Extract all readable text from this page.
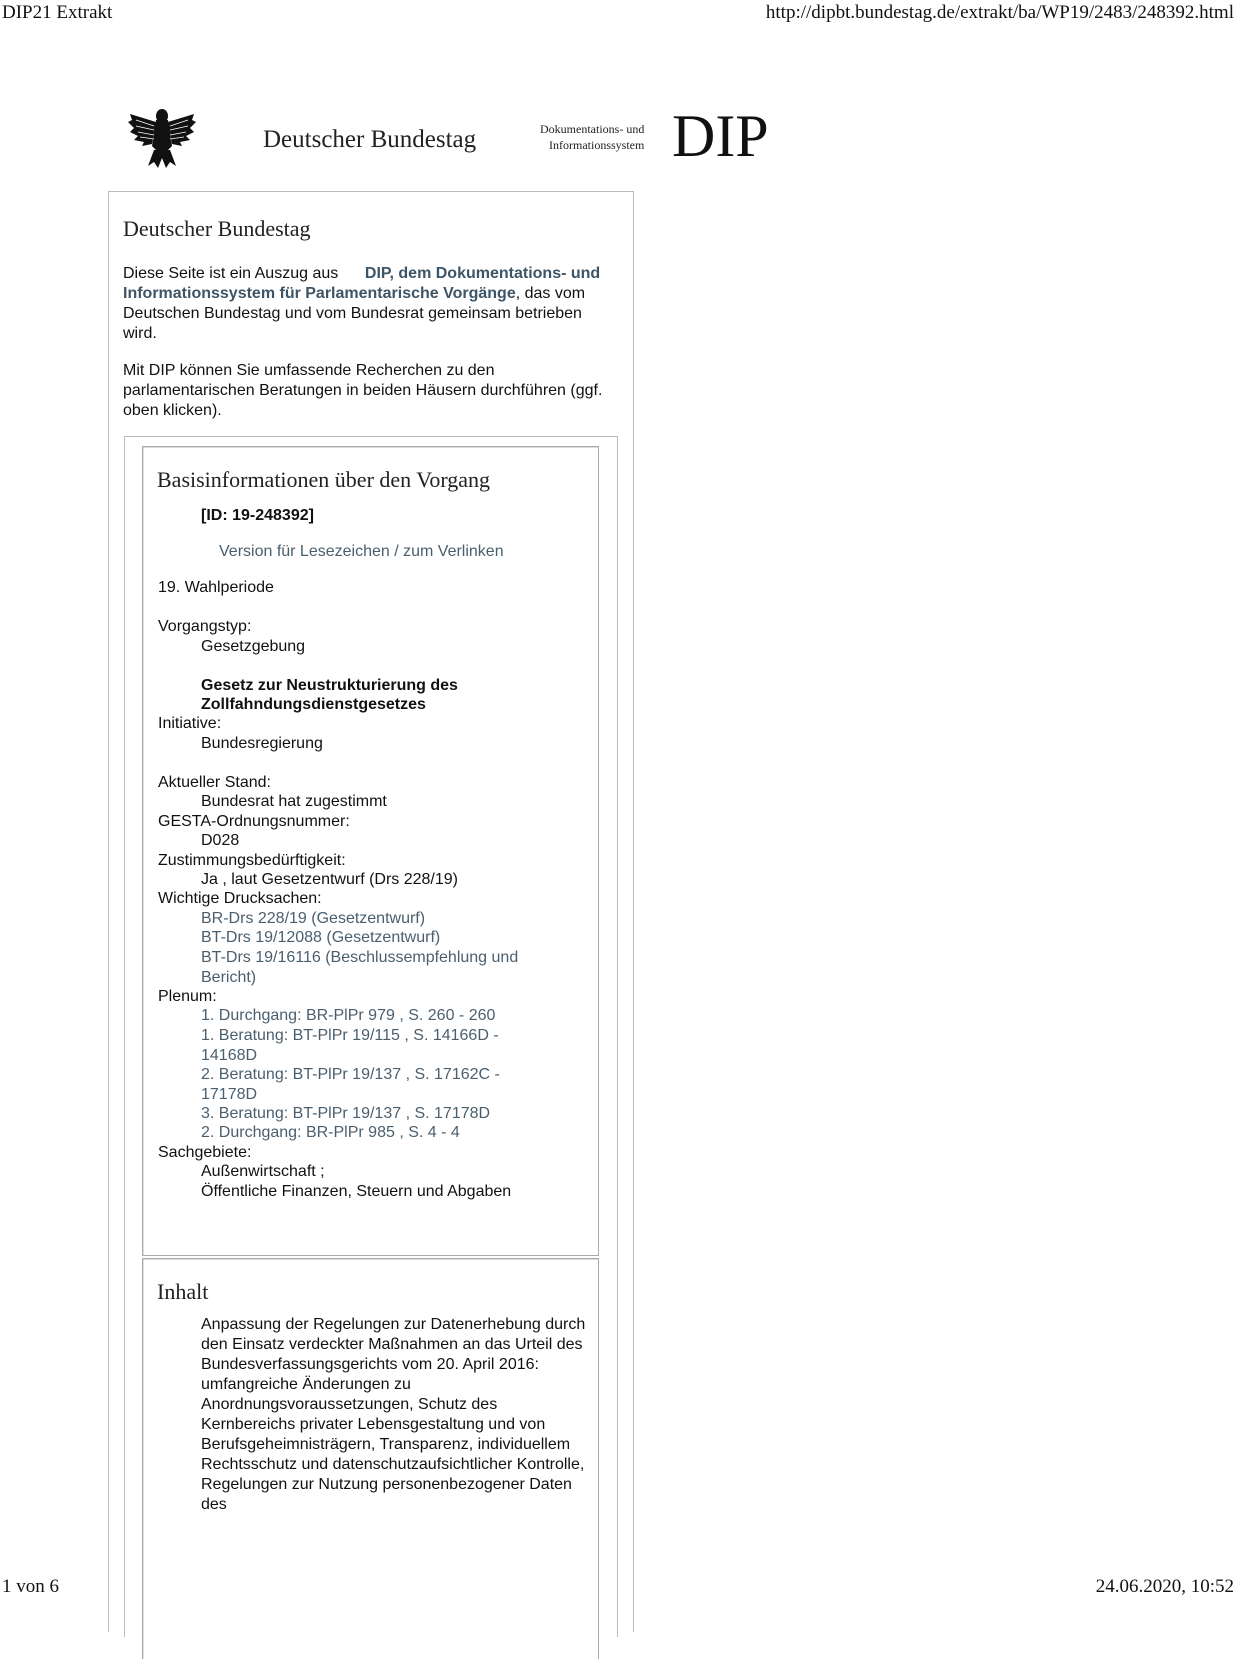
DIP21 Extrakt	http://dipbt.bundestag.de/extrakt/ba/WP19/2483/248392.html
Deutscher Bundestag	Dokumentations- und
Informationssystem DIP
Deutscher Bundestag

Diese Seite ist ein Auszug aus DIP, dem Dokumentations- und Informationssystem für Parlamentarische Vorgänge, das vom Deutschen Bundestag und vom Bundesrat gemeinsam betrieben wird.

Mit DIP können Sie umfassende Recherchen zu den parlamentarischen Beratungen in beiden Häusern durchführen (ggf. oben klicken).

Basisinformationen über den Vorgang
[ID: 19-248392]
Version für Lesezeichen / zum Verlinken
19. Wahlperiode
Vorgangstyp:
Gesetzgebung
Gesetz zur Neustrukturierung des
Zollfahndungsdienstgesetzes
Initiative:
Bundesregierung
Aktueller Stand:
Bundesrat hat zugestimmt
GESTA-Ordnungsnummer:
D028
Zustimmungsbedürftigkeit:
Ja , laut Gesetzentwurf (Drs 228/19)
Wichtige Drucksachen:
BR-Drs 228/19 (Gesetzentwurf)
BT-Drs 19/12088 (Gesetzentwurf)
BT-Drs 19/16116 (Beschlussempfehlung und Bericht)
Plenum:
1. Durchgang: BR-PlPr 979 , S. 260 - 260
1. Beratung: BT-PlPr 19/115 , S. 14166D - 14168D
2. Beratung: BT-PlPr 19/137 , S. 17162C - 17178D
3. Beratung: BT-PlPr 19/137 , S. 17178D
2. Durchgang: BR-PlPr 985 , S. 4 - 4
Sachgebiete:
Außenwirtschaft ;
Öffentliche Finanzen, Steuern und Abgaben
Inhalt
Anpassung der Regelungen zur Datenerhebung durch den Einsatz verdeckter Maßnahmen an das Urteil des Bundesverfassungsgerichts vom 20. April 2016: umfangreiche Änderungen zu Anordnungsvoraussetzungen, Schutz des Kernbereichs privater Lebensgestaltung und von Berufsgeheimnisträgern, Transparenz, individuellem Rechtsschutz und datenschutzaufsichtlicher Kontrolle, Regelungen zur Nutzung personenbezogener Daten des
1 von 6	24.06.2020, 10:52
